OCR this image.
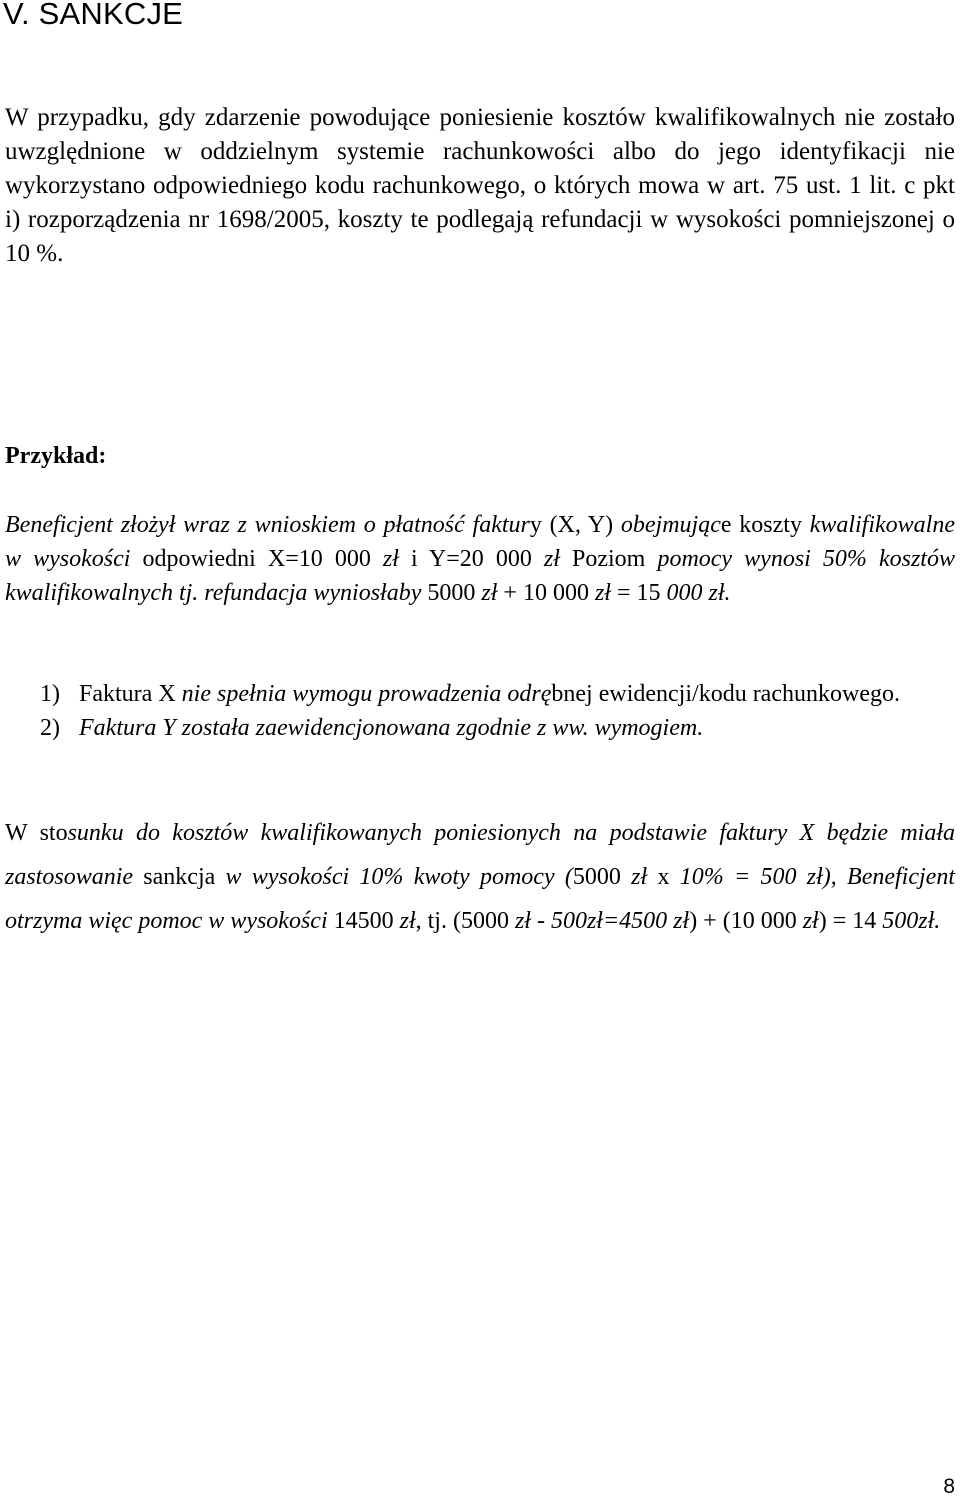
V. SANKCJE

W przypadku, gdy zdarzenie powodujące poniesienie kosztów kwalifikowalnych nie zostało uwzględnione w oddzielnym systemie rachunkowości albo do jego identyfikacji nie wykorzystano odpowiedniego kodu rachunkowego, o których mowa w art. 75 ust. 1 lit. c pkt i) rozporządzenia nr 1698/2005, koszty te podlegają refundacji w wysokości pomniejszonej o 10 %.

Przykład:

Beneficjent złożył wraz z wnioskiem o płatność faktury (X, Y) obejmujące koszty kwalifikowalne w wysokości odpowiedni X=10 000 zł i Y=20 000 zł Poziom pomocy wynosi 50% kosztów kwalifikowalnych tj. refundacja wyniosłaby 5000 zł + 10 000 zł = 15 000 zł.

1) Faktura X nie spełnia wymogu prowadzenia odrębnej ewidencji/kodu rachunkowego.
2) Faktura Y została zaewidencjonowana zgodnie z ww. wymogiem.

W stosunku do kosztów kwalifikowanych poniesionych na podstawie faktury X będzie miała zastosowanie sankcja w wysokości 10% kwoty pomocy (5000 zł x 10% = 500 zł), Beneficjent otrzyma więc pomoc w wysokości 14500 zł, tj. (5000 zł - 500zł=4500 zł) + (10 000 zł) = 14 500zł.

8
